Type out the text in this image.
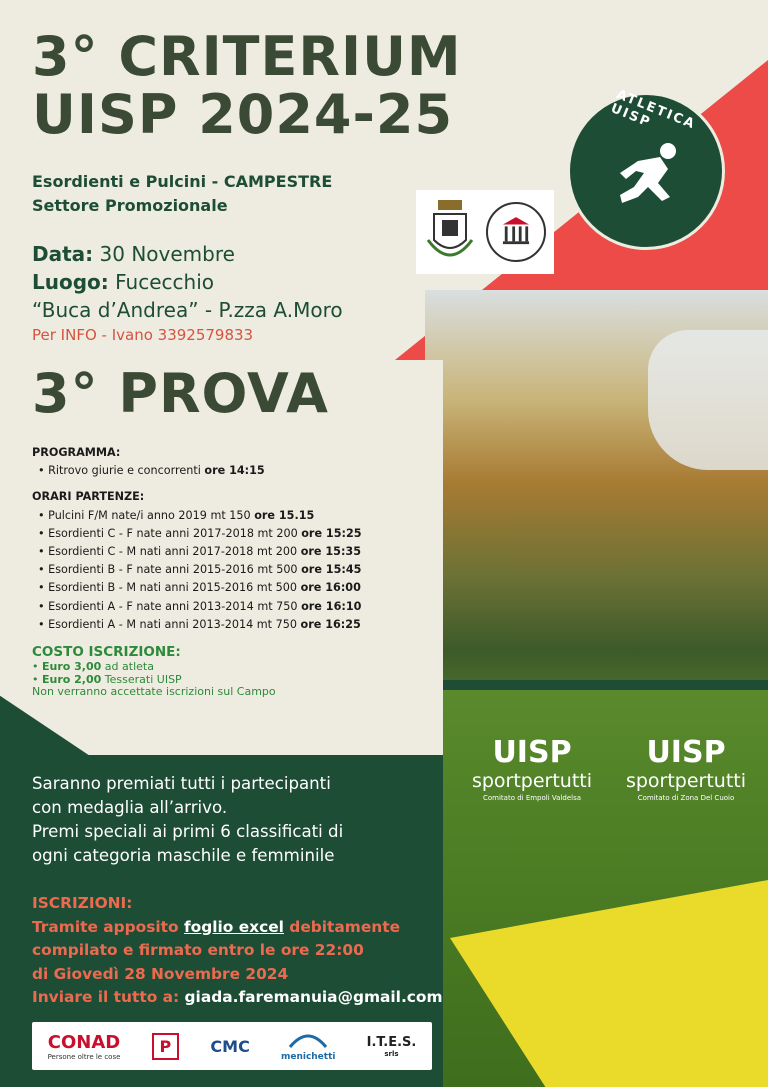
3° CRITERIUM
UISP 2024-25
Esordienti e Pulcini - CAMPESTRE
Settore Promozionale
ATLETICA UISP
Data: 30 Novembre
Luogo: Fucecchio
“Buca d’Andrea” - P.zza A.Moro
Per INFO - Ivano 3392579833
3° PROVA
PROGRAMMA:
• Ritrovo giurie e concorrenti ore 14:15
ORARI PARTENZE:
• Pulcini F/M nate/i anno 2019 mt 150 ore 15.15
• Esordienti C - F nate anni 2017-2018 mt 200 ore 15:25
• Esordienti C - M nati anni 2017-2018 mt 200 ore 15:35
• Esordienti B - F nate anni 2015-2016 mt 500 ore 15:45
• Esordienti B - M nati anni 2015-2016 mt 500 ore 16:00
• Esordienti A - F nate anni 2013-2014 mt 750 ore 16:10
• Esordienti A - M nati anni 2013-2014 mt 750 ore 16:25
COSTO ISCRIZIONE:
• Euro 3,00 ad atleta
• Euro 2,00 Tesserati UISP
Non verranno accettate iscrizioni sul Campo
Saranno premiati tutti i partecipanti
con medaglia all’arrivo.
Premi speciali ai primi 6 classificati di
ogni categoria maschile e femminile
ISCRIZIONI:
Tramite apposito foglio excel debitamente
compilato e firmato entro le ore 22:00
di Giovedì 28 Novembre 2024
Inviare il tutto a: giada.faremanuia@gmail.com
UISP
sportpertutti
Comitato di Empoli Valdelsa
UISP
sportpertutti
Comitato di Zona Del Cuoio
CONAD
Persone oltre le cose
P	CMC
menichetti
I.T.E.S.
srls
